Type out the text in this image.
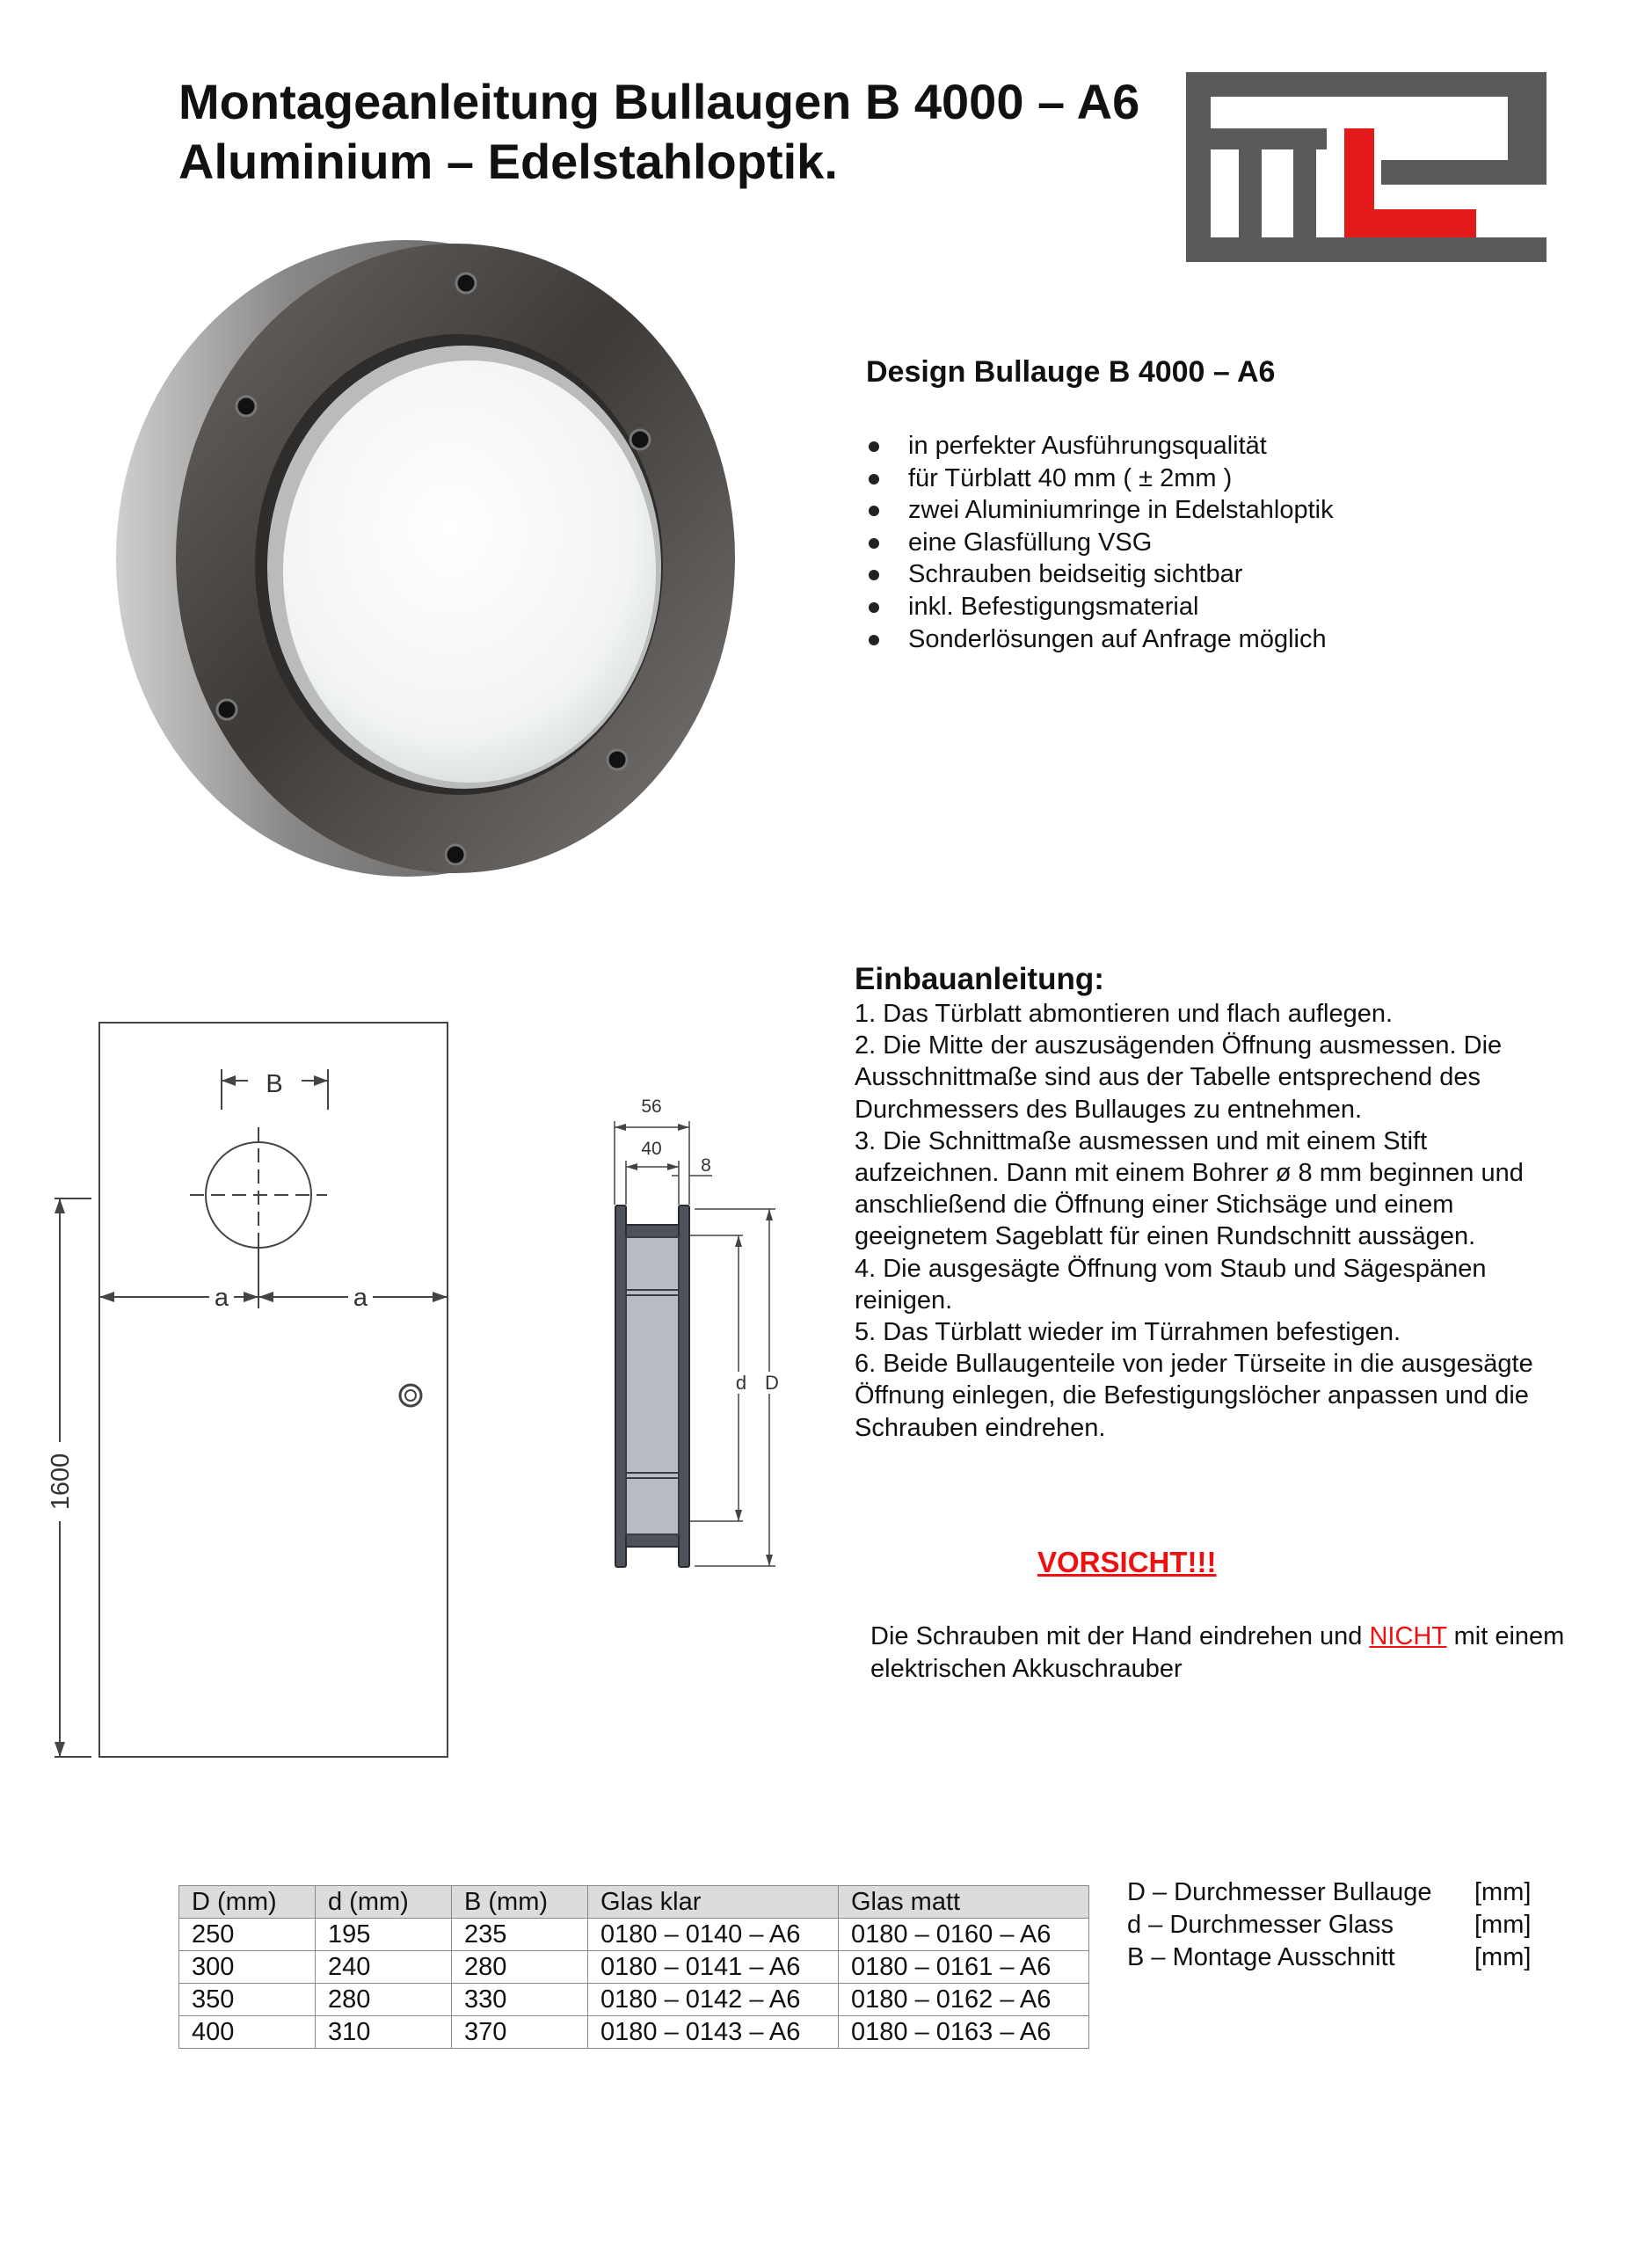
Montageanleitung Bullaugen B 4000 – A6
Aluminium – Edelstahloptik.
Design Bullauge B 4000 – A6
in perfekter Ausführungsqualität
für Türblatt 40 mm ( ± 2mm )
zwei Aluminiumringe in Edelstahloptik
eine Glasfüllung VSG
Schrauben beidseitig sichtbar
inkl. Befestigungsmaterial
Sonderlösungen auf Anfrage möglich
B
a	a
1600
56
40
8
d D
Einbauanleitung:
1. Das Türblatt abmontieren und flach auflegen.
2. Die Mitte der auszusägenden Öffnung ausmessen. Die
Ausschnittmaße sind aus der Tabelle entsprechend des
Durchmessers des Bullauges zu entnehmen.
3. Die Schnittmaße ausmessen und mit einem Stift
aufzeichnen. Dann mit einem Bohrer ø 8 mm beginnen und
anschließend die Öffnung einer Stichsäge und einem
geeignetem Sageblatt für einen Rundschnitt aussägen.
4. Die ausgesägte Öffnung vom Staub und Sägespänen
reinigen.
5. Das Türblatt wieder im Türrahmen befestigen.
6. Beide Bullaugenteile von jeder Türseite in die ausgesägte
Öffnung einlegen, die Befestigungslöcher anpassen und die
Schrauben eindrehen.
VORSICHT!!!
Die Schrauben mit der Hand eindrehen und NICHT mit einem elektrischen Akkuschrauber
D (mm)	d (mm)	B (mm)	Glas klar	Glas matt
250	195	235	0180 – 0140 – A6	0180 – 0160 – A6
300	240	280	0180 – 0141 – A6	0180 – 0161 – A6
350	280	330	0180 – 0142 – A6	0180 – 0162 – A6
400	310	370	0180 – 0143 – A6	0180 – 0163 – A6
D – Durchmesser Bullauge	[mm]
d – Durchmesser Glass	[mm]
B – Montage Ausschnitt	[mm]
